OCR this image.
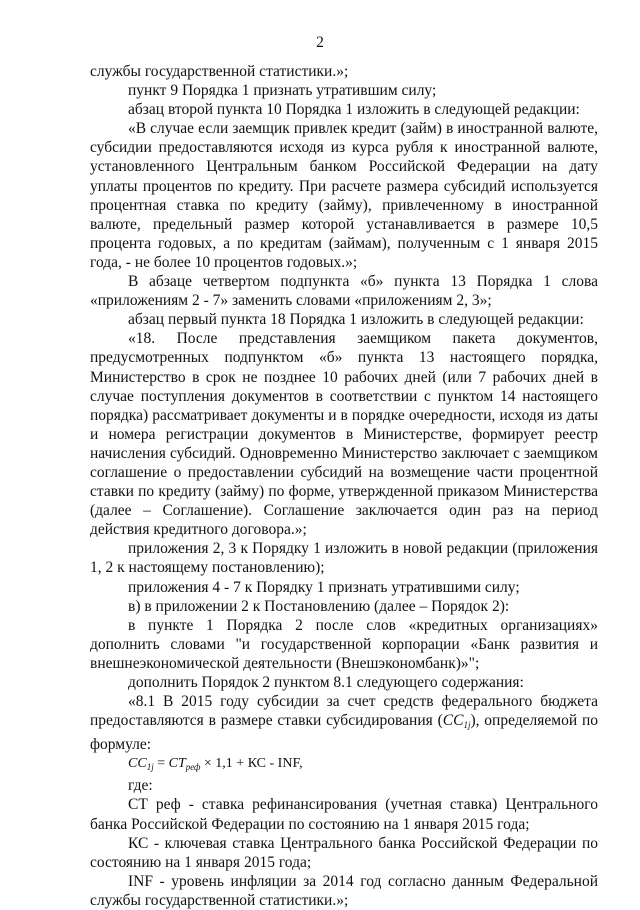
2

службы государственной статистики.»;

пункт 9 Порядка 1 признать утратившим силу;

абзац второй пункта 10 Порядка 1 изложить в следующей редакции:

«В случае если заемщик привлек кредит (займ) в иностранной валюте, субсидии предоставляются исходя из курса рубля к иностранной валюте, установленного Центральным банком Российской Федерации на дату уплаты процентов по кредиту. При расчете размера субсидий используется процентная ставка по кредиту (займу), привлеченному в иностранной валюте, предельный размер которой устанавливается в размере 10,5 процента годовых, а по кредитам (займам), полученным с 1 января 2015 года, - не более 10 процентов годовых.»;

В абзаце четвертом подпункта «б» пункта 13 Порядка 1 слова «приложениям 2 - 7» заменить словами «приложениям 2, 3»;

абзац первый пункта 18 Порядка 1 изложить в следующей редакции:

«18. После представления заемщиком пакета документов, предусмотренных подпунктом «б» пункта 13 настоящего порядка, Министерство в срок не позднее 10 рабочих дней (или 7 рабочих дней в случае поступления документов в соответствии с пунктом 14 настоящего порядка) рассматривает документы и в порядке очередности, исходя из даты и номера регистрации документов в Министерстве, формирует реестр начисления субсидий. Одновременно Министерство заключает с заемщиком соглашение о предоставлении субсидий на возмещение части процентной ставки по кредиту (займу) по форме, утвержденной приказом Министерства (далее – Соглашение). Соглашение заключается один раз на период действия кредитного договора.»;

приложения 2, 3 к Порядку 1 изложить в новой редакции (приложения 1, 2 к настоящему постановлению);

приложения 4 - 7 к Порядку 1 признать утратившими силу;

в) в приложении 2 к Постановлению (далее – Порядок 2):

в пункте 1 Порядка 2 после слов «кредитных организациях» дополнить словами "и государственной корпорации «Банк развития и внешнеэкономической деятельности (Внешэкономбанк)»";

дополнить Порядок 2 пунктом 8.1 следующего содержания:

«8.1 В 2015 году субсидии за счет средств федерального бюджета предоставляются в размере ставки субсидирования (CC1j), определяемой по формуле:

$CC_{1j} = CT_{реф} \times 1,1$ + КС - INF,

где:

СТ реф - ставка рефинансирования (учетная ставка) Центрального банка Российской Федерации по состоянию на 1 января 2015 года;

КС - ключевая ставка Центрального банка Российской Федерации по состоянию на 1 января 2015 года;

INF - уровень инфляции за 2014 год согласно данным Федеральной службы государственной статистики.»;
